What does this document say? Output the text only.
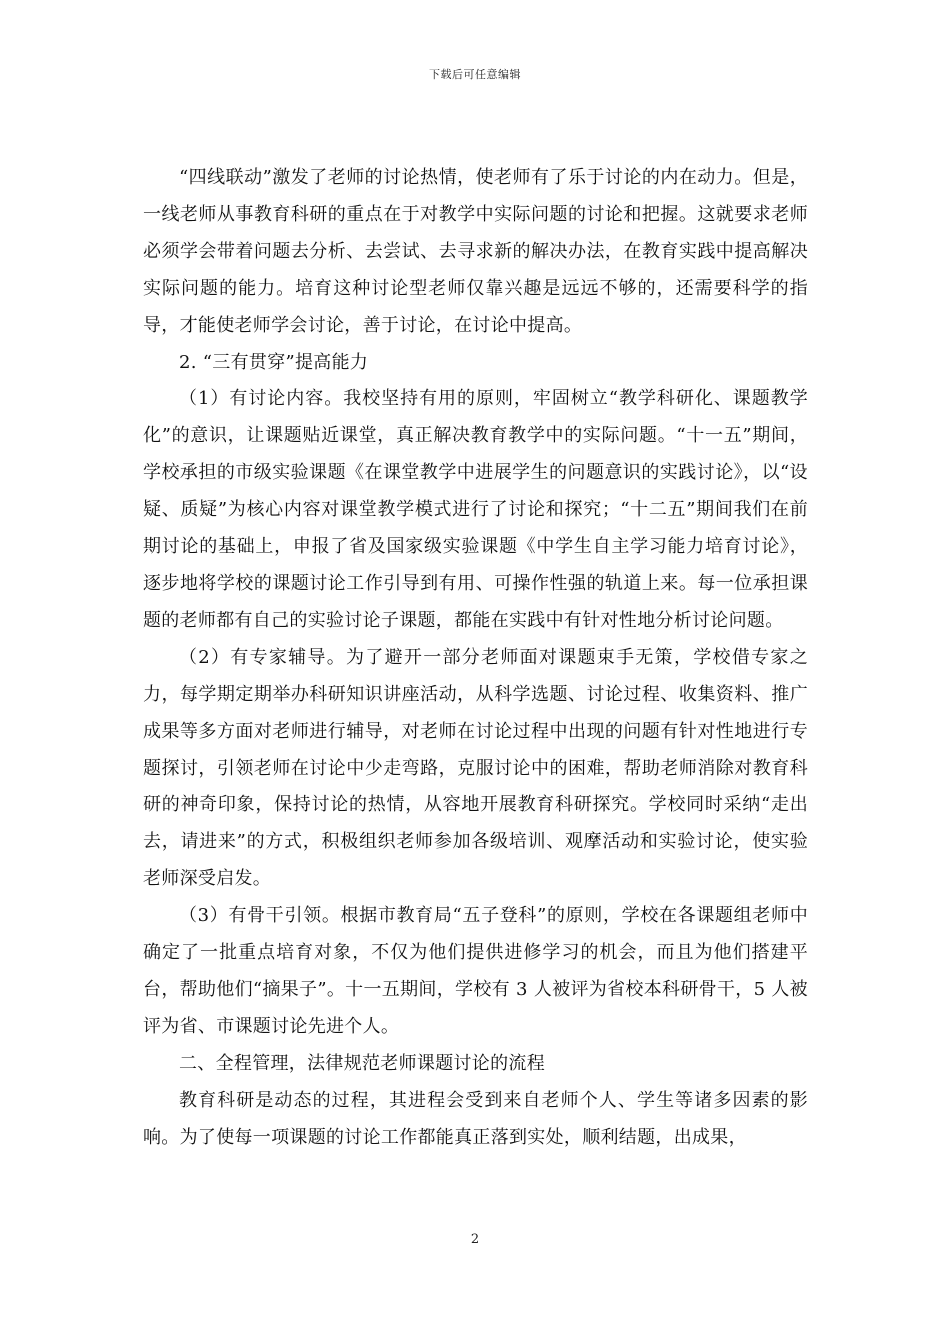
下载后可任意编辑

“四线联动”激发了老师的讨论热情，使老师有了乐于讨论的内在动力。但是，一线老师从事教育科研的重点在于对教学中实际问题的讨论和把握。这就要求老师必须学会带着问题去分析、去尝试、去寻求新的解决办法，在教育实践中提高解决实际问题的能力。培育这种讨论型老师仅靠兴趣是远远不够的，还需要科学的指导，才能使老师学会讨论，善于讨论，在讨论中提高。

2. “三有贯穿”提高能力

（1）有讨论内容。我校坚持有用的原则，牢固树立“教学科研化、课题教学化”的意识，让课题贴近课堂，真正解决教育教学中的实际问题。“十一五”期间，学校承担的市级实验课题《在课堂教学中进展学生的问题意识的实践讨论》，以“设疑、质疑”为核心内容对课堂教学模式进行了讨论和探究；“十二五”期间我们在前期讨论的基础上，申报了省及国家级实验课题《中学生自主学习能力培育讨论》，逐步地将学校的课题讨论工作引导到有用、可操作性强的轨道上来。每一位承担课题的老师都有自己的实验讨论子课题，都能在实践中有针对性地分析讨论问题。

（2）有专家辅导。为了避开一部分老师面对课题束手无策，学校借专家之力，每学期定期举办科研知识讲座活动，从科学选题、讨论过程、收集资料、推广成果等多方面对老师进行辅导，对老师在讨论过程中出现的问题有针对性地进行专题探讨，引领老师在讨论中少走弯路，克服讨论中的困难，帮助老师消除对教育科研的神奇印象，保持讨论的热情，从容地开展教育科研探究。学校同时采纳“走出去，请进来”的方式，积极组织老师参加各级培训、观摩活动和实验讨论，使实验老师深受启发。

（3）有骨干引领。根据市教育局“五子登科”的原则，学校在各课题组老师中确定了一批重点培育对象，不仅为他们提供进修学习的机会，而且为他们搭建平台，帮助他们“摘果子”。十一五期间，学校有 3 人被评为省校本科研骨干，5 人被评为省、市课题讨论先进个人。

二、全程管理，法律规范老师课题讨论的流程

教育科研是动态的过程，其进程会受到来自老师个人、学生等诸多因素的影响。为了使每一项课题的讨论工作都能真正落到实处，顺利结题，出成果，

2
